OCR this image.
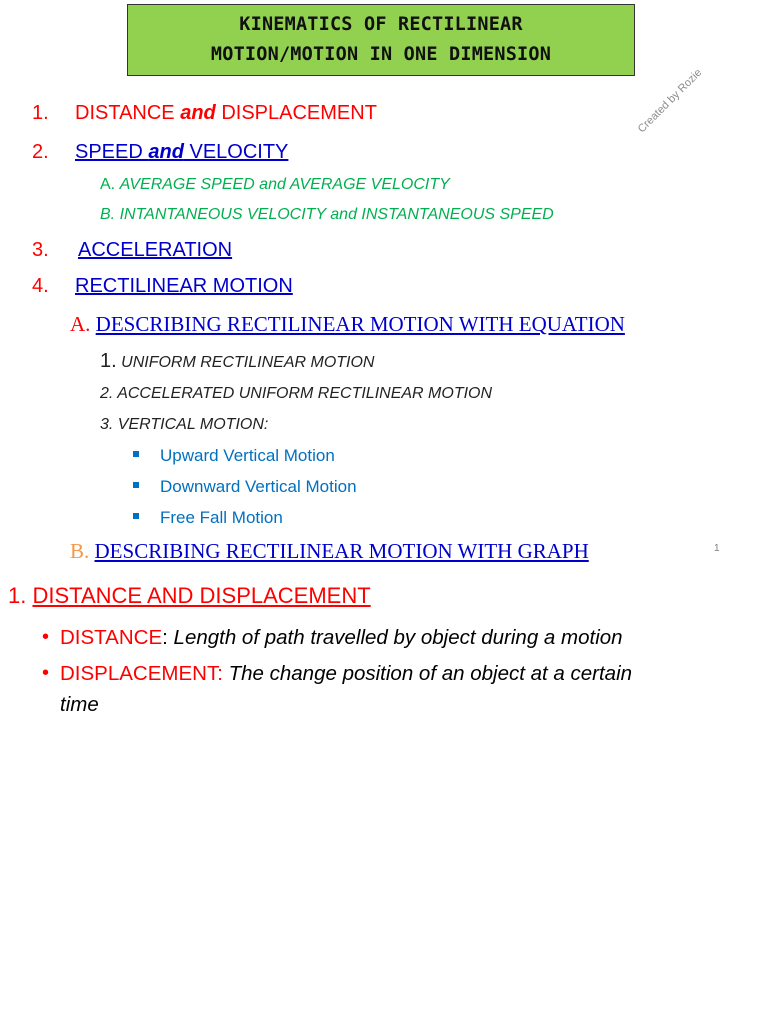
KINEMATICS OF RECTILINEAR
MOTION/MOTION IN ONE DIMENSION
Created by Rozie
1. DISTANCE and DISPLACEMENT
2. SPEED and VELOCITY
A. AVERAGE SPEED and AVERAGE VELOCITY
B. INTANTANEOUS VELOCITY and INSTANTANEOUS SPEED
3. ACCELERATION
4. RECTILINEAR MOTION
A. DESCRIBING RECTILINEAR MOTION WITH EQUATION
1. UNIFORM RECTILINEAR MOTION
2. ACCELERATED UNIFORM RECTILINEAR MOTION
3. VERTICAL MOTION:
Upward Vertical Motion
Downward Vertical Motion
Free Fall Motion
B. DESCRIBING RECTILINEAR MOTION WITH GRAPH	1
1. DISTANCE AND DISPLACEMENT
• DISTANCE: Length of path travelled by object during a motion
• DISPLACEMENT: The change position of an object at a certain
time
